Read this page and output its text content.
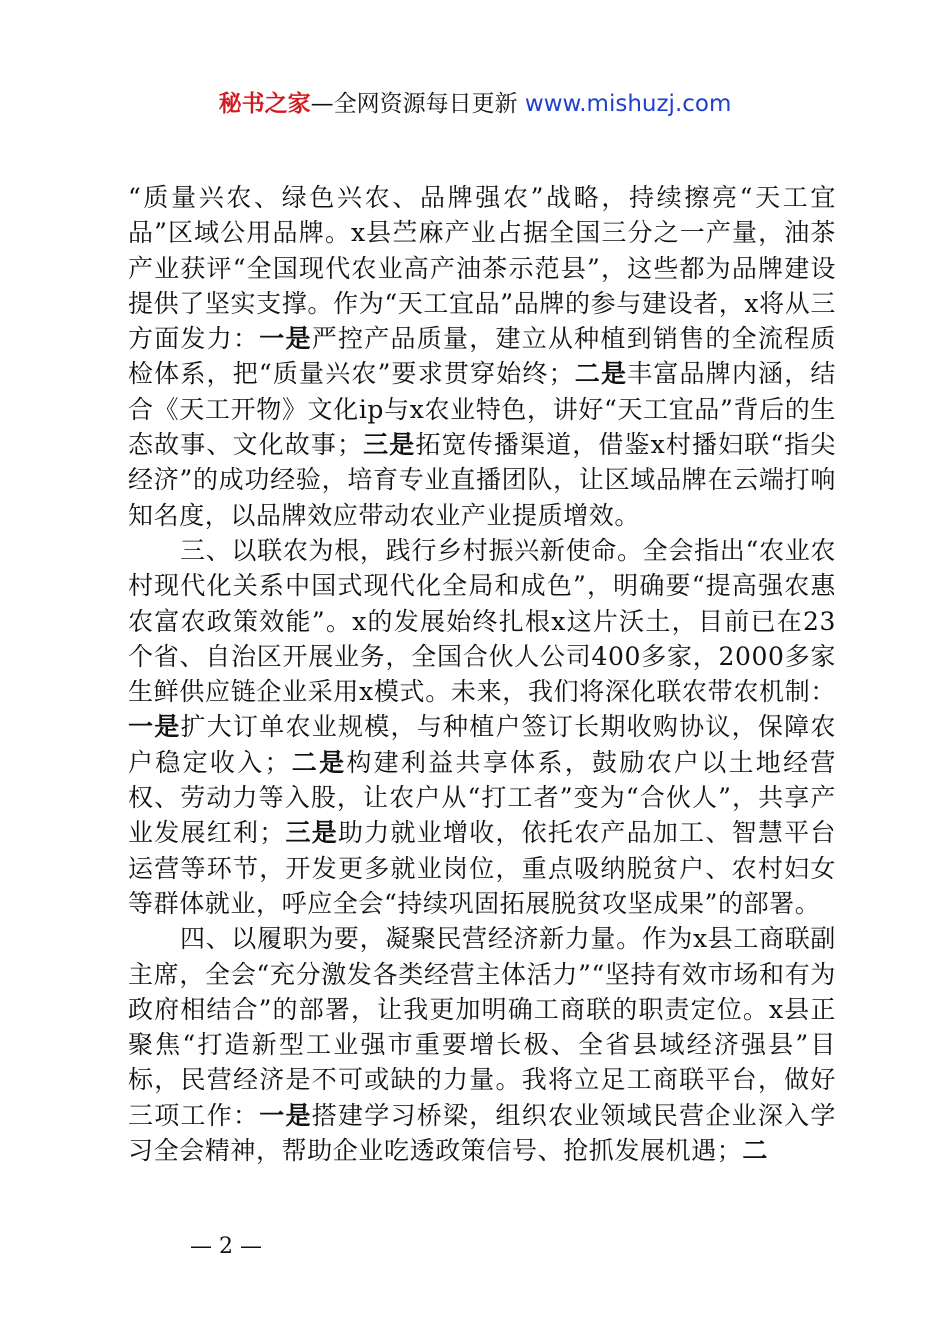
秘书之家—全网资源每日更新 www.mishuzj.com

“质量兴农、绿色兴农、品牌强农”战略，持续擦亮“天工宜品”区域公用品牌。x县苎麻产业占据全国三分之一产量，油茶产业获评“全国现代农业高产油茶示范县”，这些都为品牌建设提供了坚实支撑。作为“天工宜品”品牌的参与建设者，x将从三方面发力：一是严控产品质量，建立从种植到销售的全流程质检体系，把“质量兴农”要求贯穿始终；二是丰富品牌内涵，结合《天工开物》文化ip与x农业特色，讲好“天工宜品”背后的生态故事、文化故事；三是拓宽传播渠道，借鉴x村播妇联“指尖经济”的成功经验，培育专业直播团队，让区域品牌在云端打响知名度，以品牌效应带动农业产业提质增效。

三、以联农为根，践行乡村振兴新使命。全会指出“农业农村现代化关系中国式现代化全局和成色”，明确要“提高强农惠农富农政策效能”。x的发展始终扎根x这片沃土，目前已在23个省、自治区开展业务，全国合伙人公司400多家，2000多家生鲜供应链企业采用x模式。未来，我们将深化联农带农机制：一是扩大订单农业规模，与种植户签订长期收购协议，保障农户稳定收入；二是构建利益共享体系，鼓励农户以土地经营权、劳动力等入股，让农户从“打工者”变为“合伙人”，共享产业发展红利；三是助力就业增收，依托农产品加工、智慧平台运营等环节，开发更多就业岗位，重点吸纳脱贫户、农村妇女等群体就业，呼应全会“持续巩固拓展脱贫攻坚成果”的部署。

四、以履职为要，凝聚民营经济新力量。作为x县工商联副主席，全会“充分激发各类经营主体活力”“坚持有效市场和有为政府相结合”的部署，让我更加明确工商联的职责定位。x县正聚焦“打造新型工业强市重要增长极、全省县域经济强县”目标，民营经济是不可或缺的力量。我将立足工商联平台，做好三项工作：一是搭建学习桥梁，组织农业领域民营企业深入学习全会精神，帮助企业吃透政策信号、抢抓发展机遇；二

— 2 —
